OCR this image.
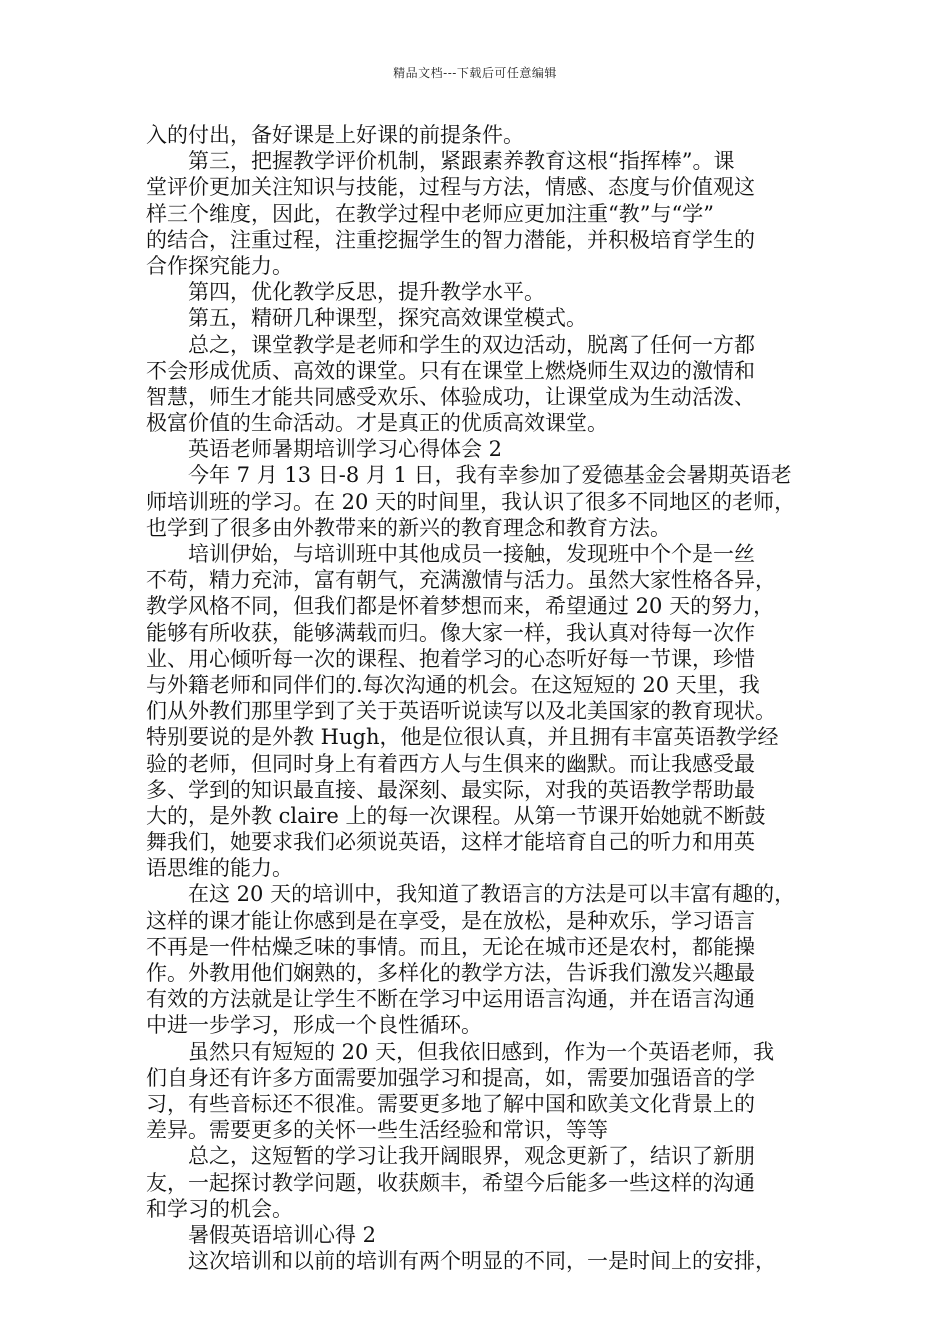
精品文档---下载后可任意编辑
入的付出，备好课是上好课的前提条件。
第三，把握教学评价机制，紧跟素养教育这根“指挥棒”。课
堂评价更加关注知识与技能，过程与方法，情感、态度与价值观这
样三个维度，因此，在教学过程中老师应更加注重“教”与“学”
的结合，注重过程，注重挖掘学生的智力潜能，并积极培育学生的
合作探究能力。
第四，优化教学反思，提升教学水平。
第五，精研几种课型，探究高效课堂模式。
总之，课堂教学是老师和学生的双边活动，脱离了任何一方都
不会形成优质、高效的课堂。只有在课堂上燃烧师生双边的激情和
智慧，师生才能共同感受欢乐、体验成功，让课堂成为生动活泼、
极富价值的生命活动。才是真正的优质高效课堂。
英语老师暑期培训学习心得体会 2
今年 7 月 13 日-8 月 1 日，我有幸参加了爱德基金会暑期英语老
师培训班的学习。在 20 天的时间里，我认识了很多不同地区的老师，
也学到了很多由外教带来的新兴的教育理念和教育方法。
培训伊始，与培训班中其他成员一接触，发现班中个个是一丝
不苟，精力充沛，富有朝气，充满激情与活力。虽然大家性格各异，
教学风格不同，但我们都是怀着梦想而来，希望通过 20 天的努力，
能够有所收获，能够满载而归。像大家一样，我认真对待每一次作
业、用心倾听每一次的课程、抱着学习的心态听好每一节课，珍惜
与外籍老师和同伴们的.每次沟通的机会。在这短短的 20 天里，我
们从外教们那里学到了关于英语听说读写以及北美国家的教育现状。
特别要说的是外教 Hugh，他是位很认真，并且拥有丰富英语教学经
验的老师，但同时身上有着西方人与生俱来的幽默。而让我感受最
多、学到的知识最直接、最深刻、最实际，对我的英语教学帮助最
大的，是外教 claire 上的每一次课程。从第一节课开始她就不断鼓
舞我们，她要求我们必须说英语，这样才能培育自己的听力和用英
语思维的能力。
在这 20 天的培训中，我知道了教语言的方法是可以丰富有趣的，
这样的课才能让你感到是在享受，是在放松，是种欢乐，学习语言
不再是一件枯燥乏味的事情。而且，无论在城市还是农村，都能操
作。外教用他们娴熟的，多样化的教学方法，告诉我们激发兴趣最
有效的方法就是让学生不断在学习中运用语言沟通，并在语言沟通
中进一步学习，形成一个良性循环。
虽然只有短短的 20 天，但我依旧感到，作为一个英语老师，我
们自身还有许多方面需要加强学习和提高，如，需要加强语音的学
习，有些音标还不很准。需要更多地了解中国和欧美文化背景上的
差异。需要更多的关怀一些生活经验和常识，等等
总之，这短暂的学习让我开阔眼界，观念更新了，结识了新朋
友，一起探讨教学问题，收获颇丰，希望今后能多一些这样的沟通
和学习的机会。
暑假英语培训心得 2
这次培训和以前的培训有两个明显的不同，一是时间上的安排，
